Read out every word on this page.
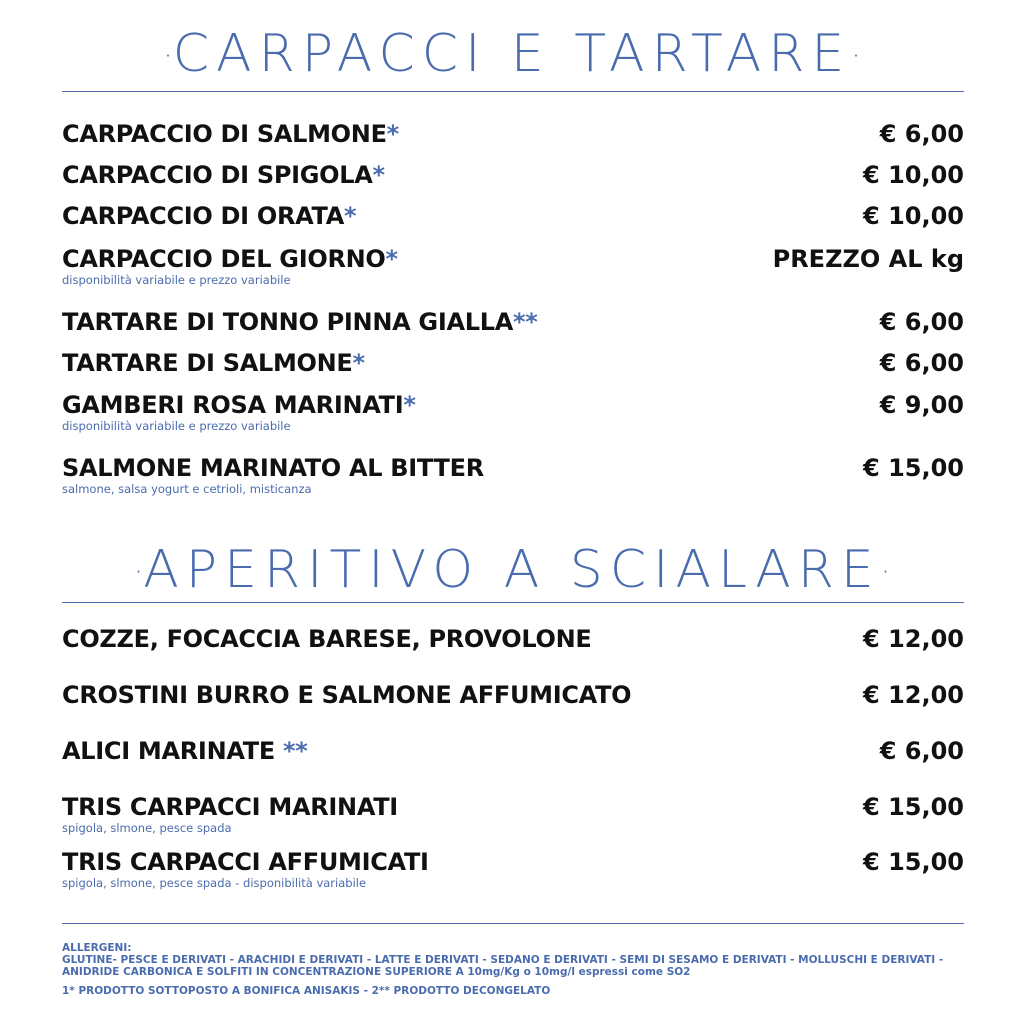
·CARPACCI E TARTARE·
CARPACCIO DI SALMONE*	€ 6,00
CARPACCIO DI SPIGOLA*	€ 10,00
CARPACCIO DI ORATA*	€ 10,00
CARPACCIO DEL GIORNO*	PREZZO AL kg
disponibilità variabile e prezzo variabile
TARTARE DI TONNO PINNA GIALLA**	€ 6,00
TARTARE DI SALMONE*	€ 6,00
GAMBERI ROSA MARINATI*	€ 9,00
disponibilità variabile e prezzo variabile
SALMONE MARINATO AL BITTER	€ 15,00
salmone, salsa yogurt e cetrioli, misticanza
·APERITIVO A SCIALARE·
COZZE, FOCACCIA BARESE, PROVOLONE	€ 12,00
CROSTINI BURRO E SALMONE AFFUMICATO	€ 12,00
ALICI MARINATE **	€ 6,00
TRIS CARPACCI MARINATI	€ 15,00
spigola, slmone, pesce spada
TRIS CARPACCI AFFUMICATI	€ 15,00
spigola, slmone, pesce spada - disponibilità variabile
ALLERGENI:
GLUTINE- PESCE E DERIVATI - ARACHIDI E DERIVATI - LATTE E DERIVATI - SEDANO E DERIVATI - SEMI DI SESAMO E DERIVATI - MOLLUSCHI E DERIVATI - ANIDRIDE CARBONICA E SOLFITI IN CONCENTRAZIONE SUPERIORE A 10mg/Kg o 10mg/l espressi come SO2
1* PRODOTTO SOTTOPOSTO A BONIFICA ANISAKIS - 2** PRODOTTO DECONGELATO
